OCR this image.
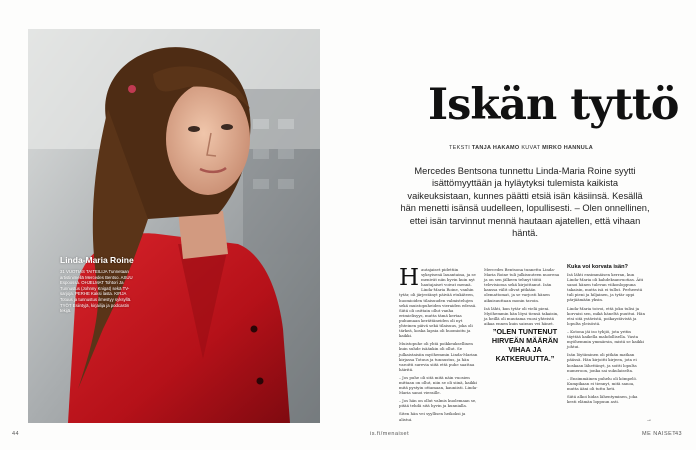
Linda-Maria Roine
31 VUOTIAS TAITEILIJA Tunnetaan artistinimellä Mercedes Bentso. ASUU Espoossa. OHJELMAT Tohtori Ja Tunnustus (Johnny Knigat) sekä TV-sarjoja. PERHE Kaksi lasta. KIRJA Totuus ja tunnustus ilmestyy syksyllä. TYÖT Esiintyjä, kirjailija ja podcastin tekijä.
Iskän tyttö
TEKSTI TANJA HAKAMO KUVAT MIRKO HANNULA

Mercedes Bentsona tunnettu Linda-Maria Roine syytti isättömyyttään ja hyläytyksi tulemista kaikista vaikeuksistaan, kunnes päätti etsiä isän käsiinsä. Kesällä hän menetti isänsä uudelleen, lopullisesti. – Olen onnellinen, ettei isän tarvinnut mennä hautaan ajatellen, että vihaan häntä.

H autajaiset pidettiin syksyisenä lauantaina, ja se menivät niin hyvin kuin nyt hautajaiset voivat mennä. Linda-Maria Roine, vanhin tytär, oli järjestänyt päivää etukäteen, huomioiden tilaisuuden valmistelujen sekä muistopuheiden vieraiden edessä. Siitä oli osittain ollut vanha erimielisyys, mutta tämä kertaa puhumaan kerättäneiden oli nyt yhteinen päivä sekä tilaisuus, joka oli tärkeä, koska lapsia oli huomioitu ja kaikki.

Muistopuhe oli yhtä poikkeuksellinen kuin suhde isäänkin oli ollut. Se julkaistaisiin myöhemmin Linda-Marian kirjassa Totuus ja tunnustus, ja hän varoitti surevia siitä että puhe saattaa häiritä.

– Jos puhe oli sitä mitä näin vuosien mittaan on ollut, niin se oli siinä, kaikki mitä pystyin ottamaan, kauniisti. Linda-Maria sanoi vieraille.

– Jos hän on ollut valmis kuolemaan se, pitää tehdä sitä hyvin ja kunnialla.

Siten hän vei syyllisen heikoksi ja alistui.

Mercedes Bentsona tunnettu Linda-Maria Roine tuli julkisuuteen nuorena ja on sen jälkeen tehnyt töitä televisiossa sekä kirjoittanut. Isän kanssa välit olivat pitkään olemattomat, ja se varjosti hänen aikuisuuttaan monin tavoin.

Isä lähti, kun tytär oli vielä pieni. Myöhemmin hän löysi tiensä takaisin, ja heillä oli muutama vuosi yhteistä aikaa ennen kuin sairaus vei hänet.

”OLEN TUNTENUT HIRVEÄN MÄÄRÄN VIHAA JA KATKERUUTTA.”

Kuka voi korvata isän?

Isä lähti ensimmäisen kerran, kun Linda-Maria oli kahdeksanvuotias. Äiti sanoi hänen tulevan viikonloppuna takaisin, mutta isä ei tullut. Perheestä tuli pieni ja hiljainen, ja tytär oppi pärjäämään yksin.

Linda-Maria toivoi, että joku tulisi ja korvaisi sen, mikä häneltä puuttui. Hän etsi sitä ystävistä, poikaystävistä ja lopulta yleisöstä.

– Kotona jäi iso tyhjiö, jota yritin täyttää kaikella mahdollisella. Vasta myöhemmin ymmärsin, mistä se kaikki johtui.

Isän löytäminen oli pitkän matkan päässä. Hän kirjoitti kirjeen, jota ei koskaan lähettänyt, ja soitti lopulta numeroon, jonka sai sukulaiselta.

– Ensimmäinen puhelu oli kömpelö. Kumpikaan ei tiennyt, mitä sanoa, mutta ääni oli tuttu heti.

Siitä alkoi hidas lähentyminen, joka kesti elämän loppuun asti.

→
44	is.fi/menaiset	ME NAISET
43
